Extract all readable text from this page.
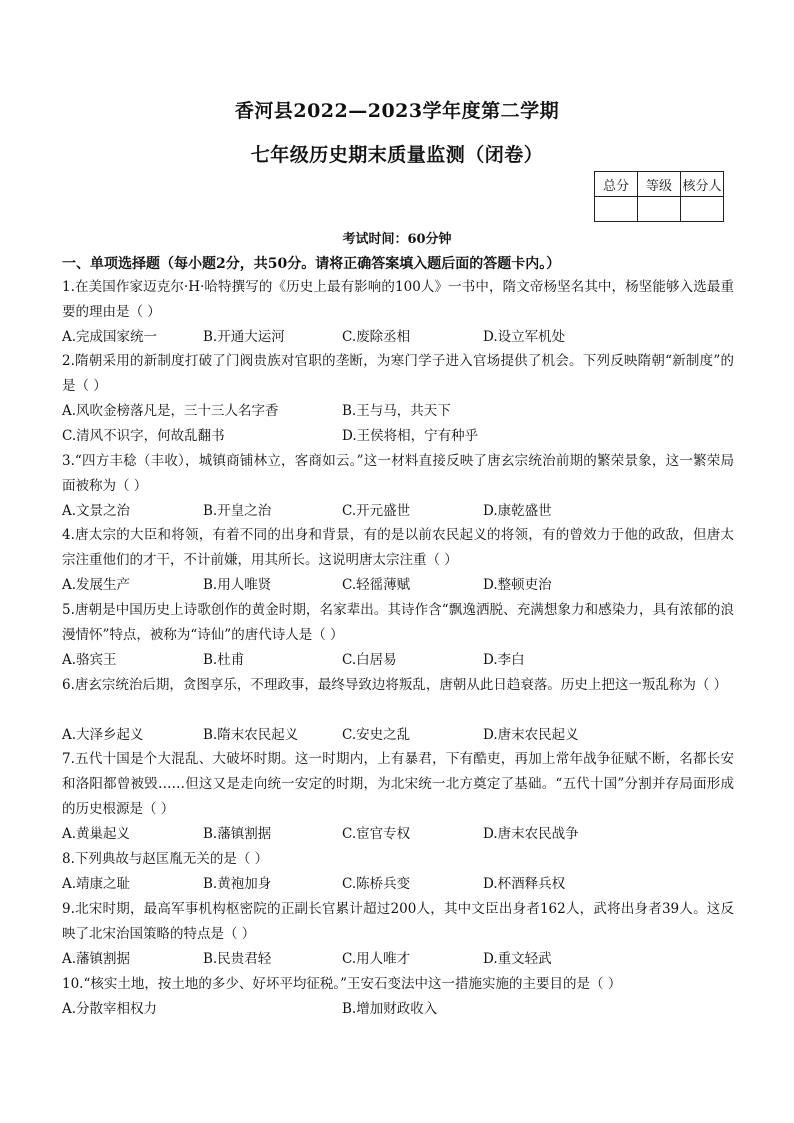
香河县2022—2023学年度第二学期
七年级历史期末质量监测（闭卷）
总分	等级	核分人

考试时间：60分钟
一、单项选择题（每小题2分，共50分。请将正确答案填入题后面的答题卡内。）
1.在美国作家迈克尔·H·哈特撰写的《历史上最有影响的100人》一书中，隋文帝杨坚名其中，杨坚能够入选最重要的理由是（ ）
A.完成国家统一	B.开通大运河	C.废除丞相	D.设立军机处
2.隋朝采用的新制度打破了门阀贵族对官职的垄断，为寒门学子进入官场提供了机会。下列反映隋朝“新制度”的是（ ）
A.风吹金榜落凡是，三十三人名字香	B.王与马，共天下
C.清风不识字，何故乱翻书	D.王侯将相，宁有种乎
3.“四方丰稔（丰收），城镇商铺林立，客商如云。”这一材料直接反映了唐玄宗统治前期的繁荣景象，这一繁荣局面被称为（ ）
A.文景之治	B.开皇之治	C.开元盛世	D.康乾盛世
4.唐太宗的大臣和将领，有着不同的出身和背景，有的是以前农民起义的将领，有的曾效力于他的政敌，但唐太宗注重他们的才干，不计前嫌，用其所长。这说明唐太宗注重（ ）
A.发展生产	B.用人唯贤	C.轻徭薄赋	D.整顿吏治
5.唐朝是中国历史上诗歌创作的黄金时期，名家辈出。其诗作含“飘逸洒脱、充满想象力和感染力，具有浓郁的浪漫情怀”特点，被称为“诗仙”的唐代诗人是（ ）
A.骆宾王	B.杜甫	C.白居易	D.李白
6.唐玄宗统治后期，贪图享乐，不理政事，最终导致边将叛乱，唐朝从此日趋衰落。历史上把这一叛乱称为（ ）
A.大泽乡起义	B.隋末农民起义	C.安史之乱	D.唐末农民起义
7.五代十国是个大混乱、大破坏时期。这一时期内，上有暴君，下有酷吏，再加上常年战争征赋不断，名都长安和洛阳都曾被毁……但这又是走向统一安定的时期，为北宋统一北方奠定了基础。“五代十国”分割并存局面形成的历史根源是（ ）
A.黄巢起义	B.藩镇割据	C.宦官专权	D.唐末农民战争
8.下列典故与赵匡胤无关的是（ ）
A.靖康之耻	B.黄袍加身	C.陈桥兵变	D.杯酒释兵权
9.北宋时期，最高军事机构枢密院的正副长官累计超过200人，其中文臣出身者162人，武将出身者39人。这反映了北宋治国策略的特点是（ ）
A.藩镇割据	B.民贵君轻	C.用人唯才	D.重文轻武
10.“核实土地，按土地的多少、好坏平均征税。”王安石变法中这一措施实施的主要目的是（ ）
A.分散宰相权力	B.增加财政收入
